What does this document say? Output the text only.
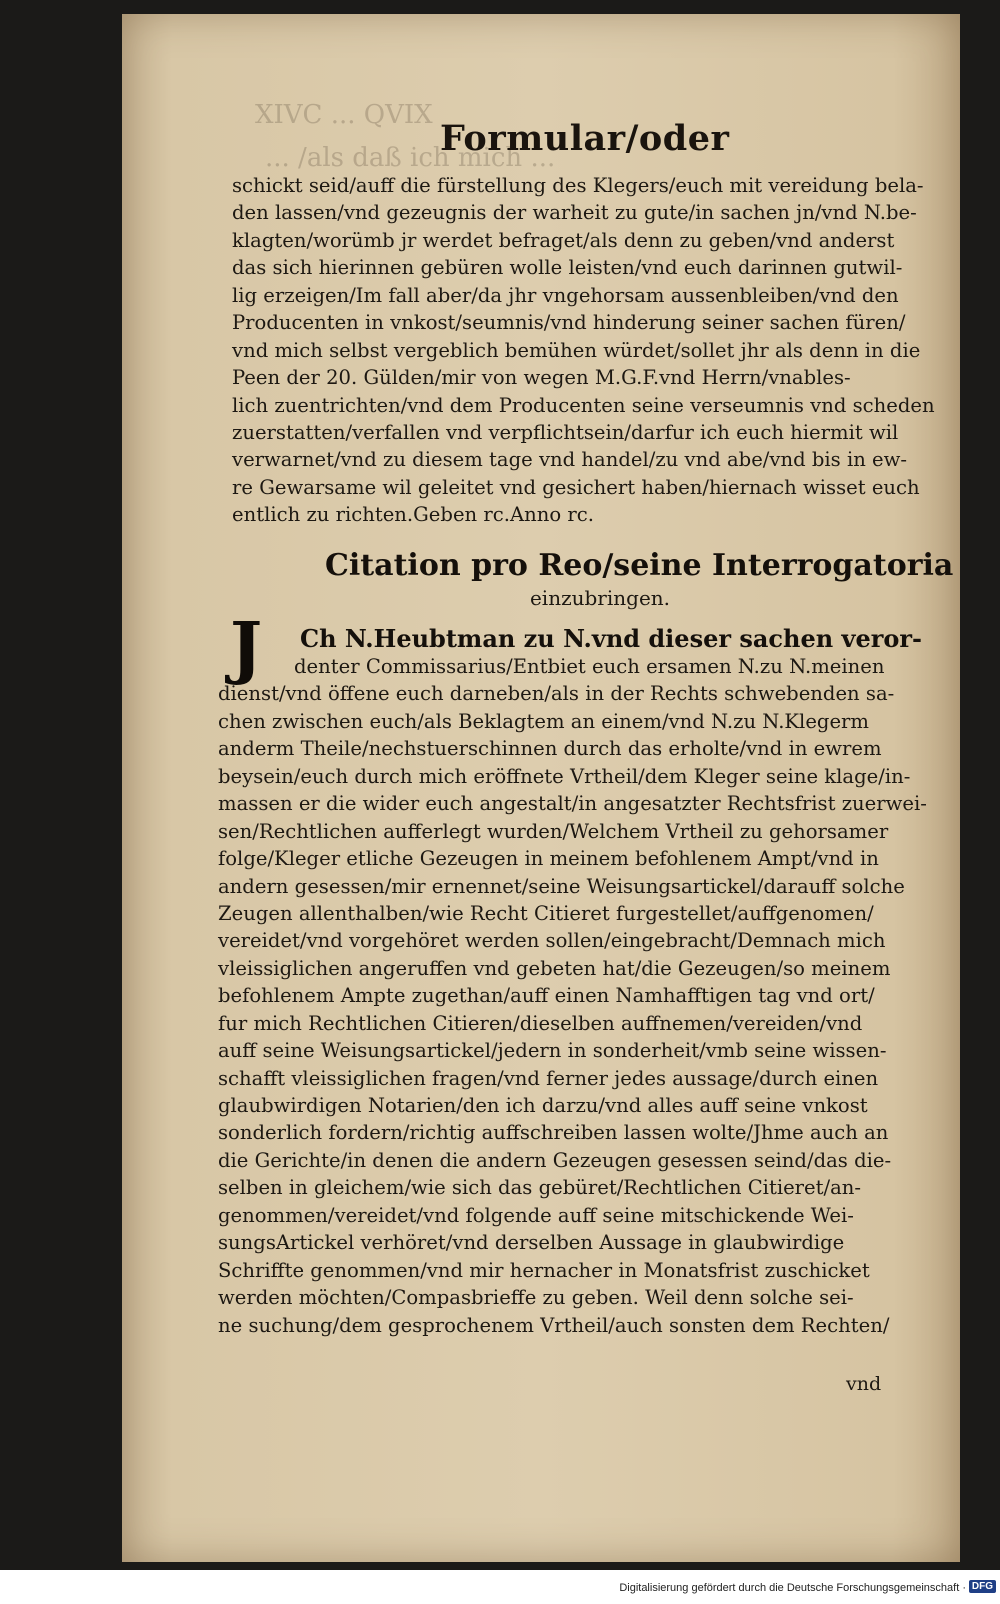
XIVC ... QVIX
... /als daß ich mich ...
Formular/oder
schickt seid/auff die fürstellung des Klegers/euch mit vereidung bela-
den lassen/vnd gezeugnis der warheit zu gute/in sachen jn/vnd N.be-
klagten/worümb jr werdet befraget/als denn zu geben/vnd anderst
das sich hierinnen gebüren wolle leisten/vnd euch darinnen gutwil-
lig erzeigen/Im fall aber/da jhr vngehorsam aussenbleiben/vnd den
Producenten in vnkost/seumnis/vnd hinderung seiner sachen füren/
vnd mich selbst vergeblich bemühen würdet/sollet jhr als denn in die
Peen der 20. Gülden/mir von wegen M.G.F.vnd Herrn/vnables-
lich zuentrichten/vnd dem Producenten seine verseumnis vnd scheden
zuerstatten/verfallen vnd verpflichtsein/darfur ich euch hiermit wil
verwarnet/vnd zu diesem tage vnd handel/zu vnd abe/vnd bis in ew-
re Gewarsame wil geleitet vnd gesichert haben/hiernach wisset euch
entlich zu richten.Geben rc.Anno rc.
Citation pro Reo/seine Interrogatoria
einzubringen.
J Ch N.Heubtman zu N.vnd dieser sachen veror-
denter Commissarius/Entbiet euch ersamen N.zu N.meinen
dienst/vnd öffene euch darneben/als in der Rechts schwebenden sa-
chen zwischen euch/als Beklagtem an einem/vnd N.zu N.Klegerm
anderm Theile/nechstuerschinnen durch das erholte/vnd in ewrem
beysein/euch durch mich eröffnete Vrtheil/dem Kleger seine klage/in-
massen er die wider euch angestalt/in angesatzter Rechtsfrist zuerwei-
sen/Rechtlichen aufferlegt wurden/Welchem Vrtheil zu gehorsamer
folge/Kleger etliche Gezeugen in meinem befohlenem Ampt/vnd in
andern gesessen/mir ernennet/seine Weisungsartickel/darauff solche
Zeugen allenthalben/wie Recht Citieret furgestellet/auffgenomen/
vereidet/vnd vorgehöret werden sollen/eingebracht/Demnach mich
vleissiglichen angeruffen vnd gebeten hat/die Gezeugen/so meinem
befohlenem Ampte zugethan/auff einen Namhafftigen tag vnd ort/
fur mich Rechtlichen Citieren/dieselben auffnemen/vereiden/vnd
auff seine Weisungsartickel/jedern in sonderheit/vmb seine wissen-
schafft vleissiglichen fragen/vnd ferner jedes aussage/durch einen
glaubwirdigen Notarien/den ich darzu/vnd alles auff seine vnkost
sonderlich fordern/richtig auffschreiben lassen wolte/Jhme auch an
die Gerichte/in denen die andern Gezeugen gesessen seind/das die-
selben in gleichem/wie sich das gebüret/Rechtlichen Citieret/an-
genommen/vereidet/vnd folgende auff seine mitschickende Wei-
sungsArtickel verhöret/vnd derselben Aussage in glaubwirdige
Schriffte genommen/vnd mir hernacher in Monatsfrist zuschicket
werden möchten/Compasbrieffe zu geben. Weil denn solche sei-
ne suchung/dem gesprochenem Vrtheil/auch sonsten dem Rechten/
vnd
Digitalisierung gefördert durch die Deutsche Forschungsgemeinschaft · DFG
